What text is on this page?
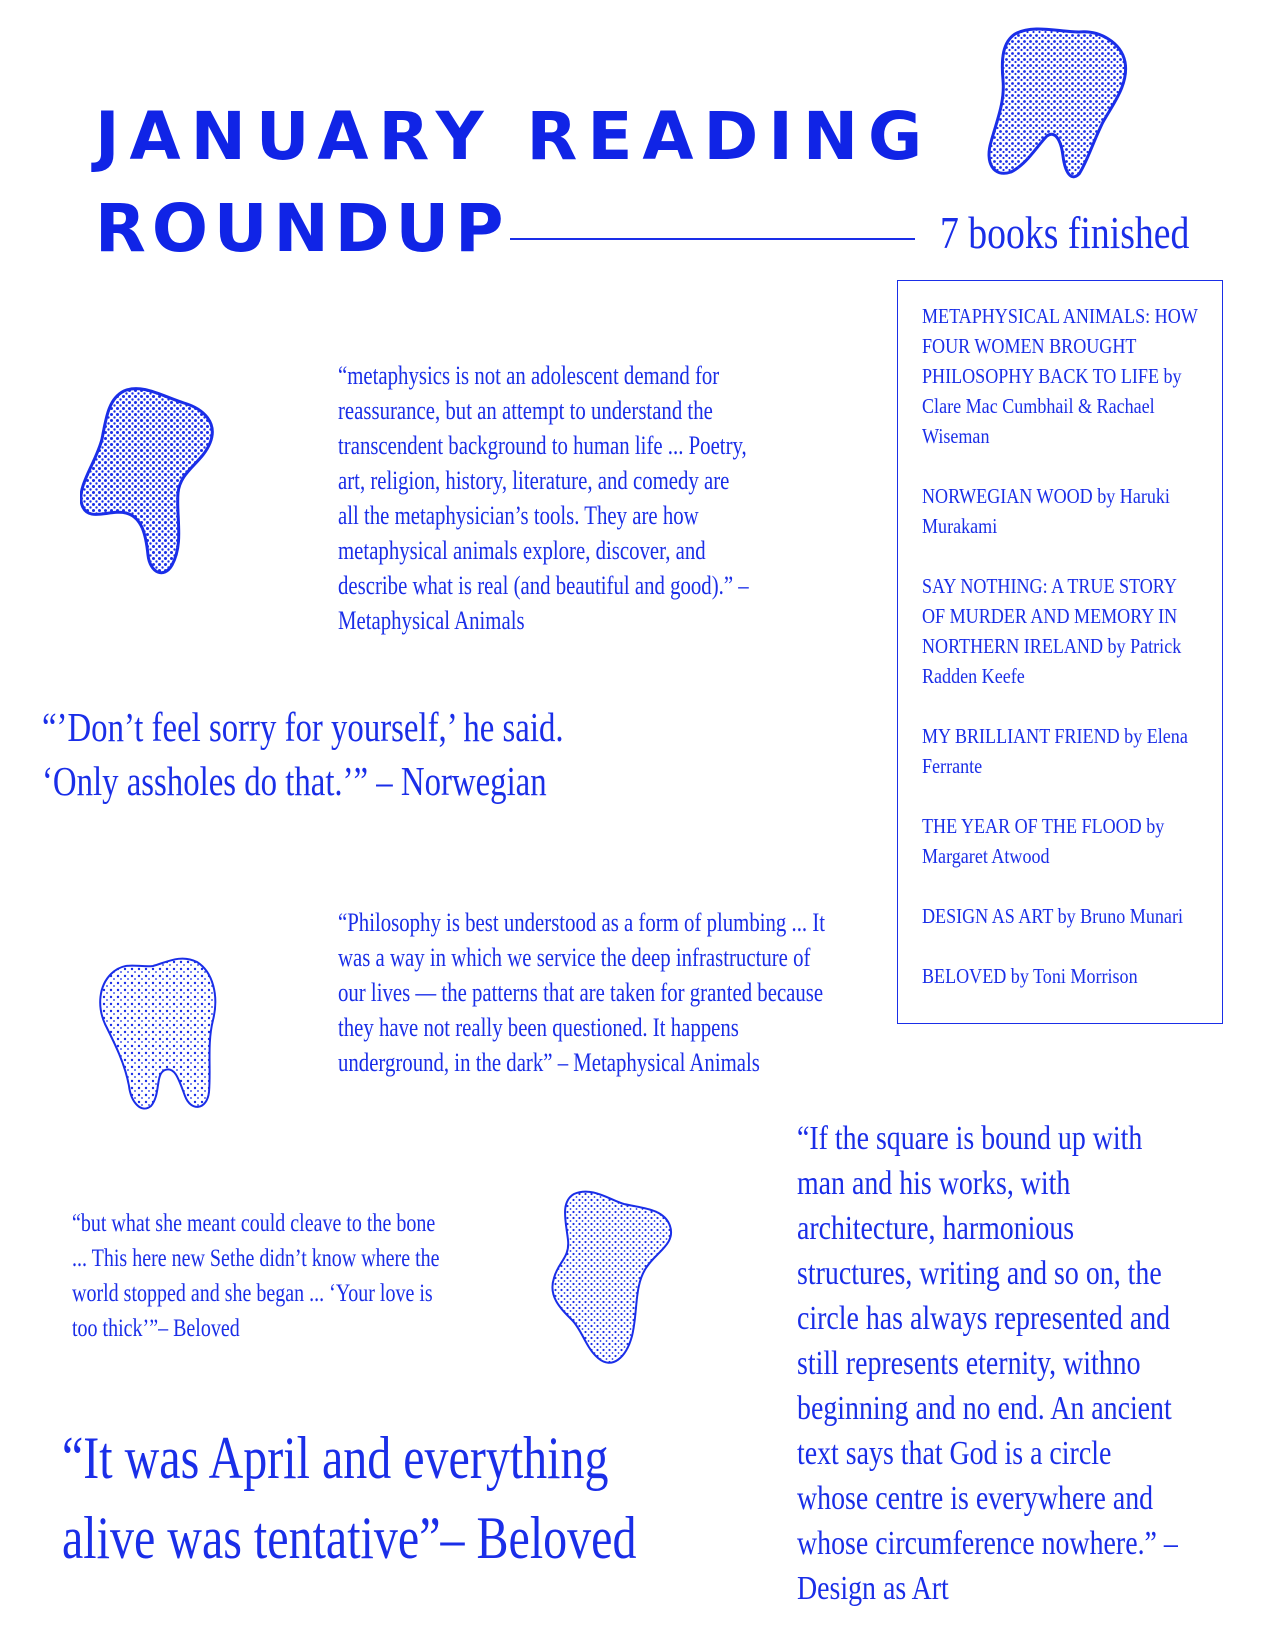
JANUARY READING
ROUNDUP	7 books finished
METAPHYSICAL ANIMALS: HOW FOUR WOMEN BROUGHT PHILOSOPHY BACK TO LIFE by Clare Mac Cumbhail & Rachael Wiseman
NORWEGIAN WOOD by Haruki Murakami
SAY NOTHING: A TRUE STORY OF MURDER AND MEMORY IN NORTHERN IRELAND by Patrick Radden Keefe
MY BRILLIANT FRIEND by Elena Ferrante
THE YEAR OF THE FLOOD by Margaret Atwood
DESIGN AS ART by Bruno Munari
BELOVED by Toni Morrison
“metaphysics is not an adolescent demand for reassurance, but an attempt to understand the transcendent background to human life ... Poetry, art, religion, history, literature, and comedy are all the metaphysician’s tools. They are how metaphysical animals explore, discover, and describe what is real (and beautiful and good).” – Metaphysical Animals
“’Don’t feel sorry for yourself,’ he said. ‘Only assholes do that.’” – Norwegian
“Philosophy is best understood as a form of plumbing ... It was a way in which we service the deep infrastructure of our lives — the patterns that are taken for granted because they have not really been questioned. It happens underground, in the dark” – Metaphysical Animals
“but what she meant could cleave to the bone ... This here new Sethe didn’t know where the world stopped and she began ... ‘Your love is too thick’”– Beloved
“It was April and everything alive was tentative”– Beloved
“If the square is bound up with man and his works, with architecture, harmonious structures, writing and so on, the circle has always represented and still represents eternity, withno beginning and no end. An ancient text says that God is a circle whose centre is everywhere and whose circumference nowhere.” – Design as Art
